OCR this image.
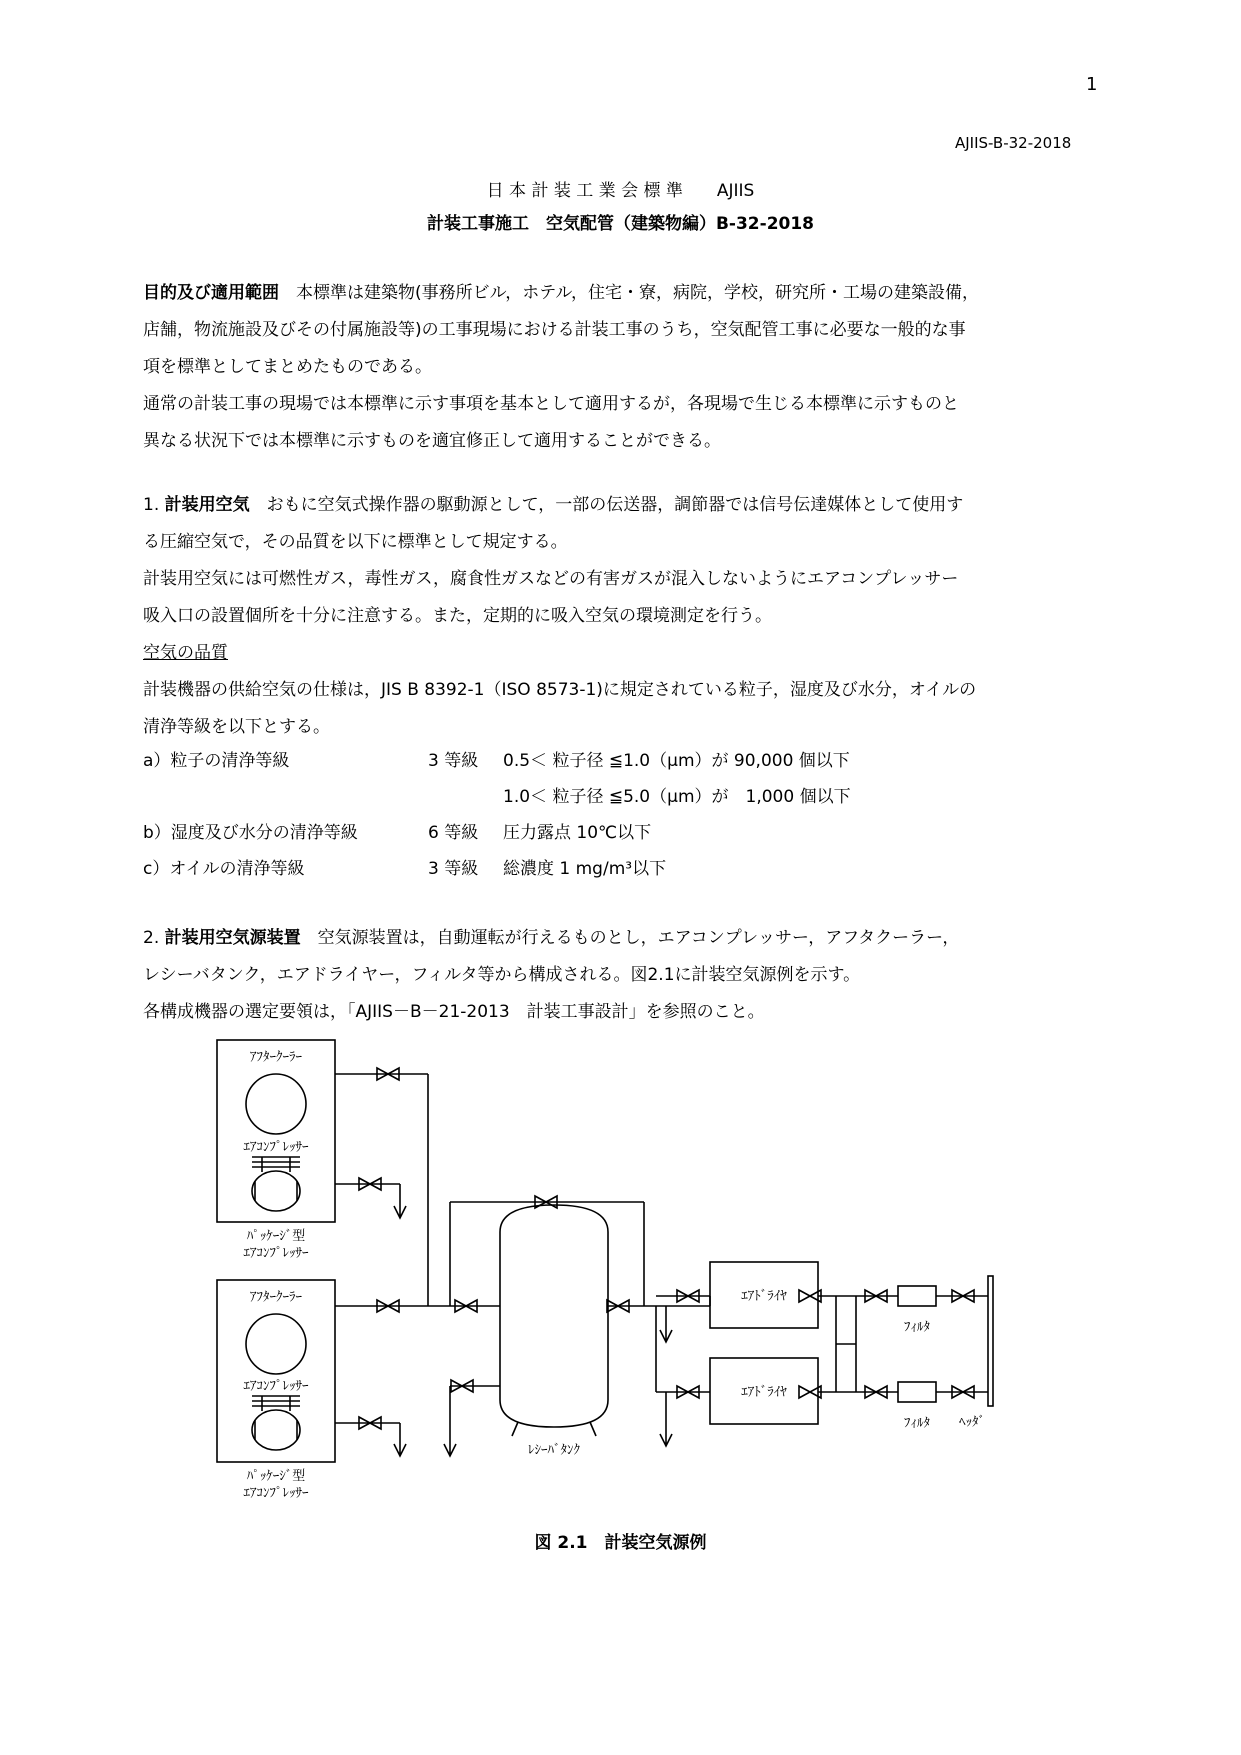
1
AJIIS-B-32-2018
日 本 計 装 工 業 会 標 準　　AJIIS
計装工事施工　空気配管（建築物編）B-32-2018
目的及び適用範囲　本標準は建築物(事務所ビル，ホテル，住宅・寮，病院，学校，研究所・工場の建築設備，
店舗，物流施設及びその付属施設等)の工事現場における計装工事のうち，空気配管工事に必要な一般的な事
項を標準としてまとめたものである。
通常の計装工事の現場では本標準に示す事項を基本として適用するが，各現場で生じる本標準に示すものと
異なる状況下では本標準に示すものを適宜修正して適用することができる。
1. 計装用空気　おもに空気式操作器の駆動源として，一部の伝送器，調節器では信号伝達媒体として使用す
る圧縮空気で，その品質を以下に標準として規定する。
計装用空気には可燃性ガス，毒性ガス，腐食性ガスなどの有害ガスが混入しないようにエアコンプレッサー
吸入口の設置個所を十分に注意する。また，定期的に吸入空気の環境測定を行う。
空気の品質
計装機器の供給空気の仕様は，JIS B 8392-1（ISO 8573-1)に規定されている粒子，湿度及び水分，オイルの
清浄等級を以下とする。
a）粒子の清浄等級	3 等級 0.5＜ 粒子径 ≦1.0（μm）が 90,000 個以下
1.0＜ 粒子径 ≦5.0（μm）が　1,000 個以下
b）湿度及び水分の清浄等級	6 等級 圧力露点 10℃以下
c）オイルの清浄等級	3 等級 総濃度 1 mg/m³以下
2. 計装用空気源装置　空気源装置は，自動運転が行えるものとし，エアコンプレッサー，アフタクーラー，
レシーバタンク，エアドライヤー，フィルタ等から構成される。図2.1に計装空気源例を示す。
各構成機器の選定要領は，「AJIIS－B－21-2013　計装工事設計」を参照のこと。
ｱﾌﾀｰｸｰﾗｰ
ｴｱｺﾝﾌﾟﾚｯｻｰ
ﾊﾟｯｹｰｼﾞ型
ｴｱｺﾝﾌﾟﾚｯｻｰ
ｱﾌﾀｰｸｰﾗｰ
ｴｱｺﾝﾌﾟﾚｯｻｰ
ﾊﾟｯｹｰｼﾞ型
ｴｱｺﾝﾌﾟﾚｯｻｰ
ﾚｼｰﾊﾞﾀﾝｸ
ｴｱﾄﾞﾗｲﾔ
ｴｱﾄﾞﾗｲﾔ
ﾌｨﾙﾀ
ﾌｨﾙﾀ ﾍｯﾀﾞ
図 2.1　計装空気源例
